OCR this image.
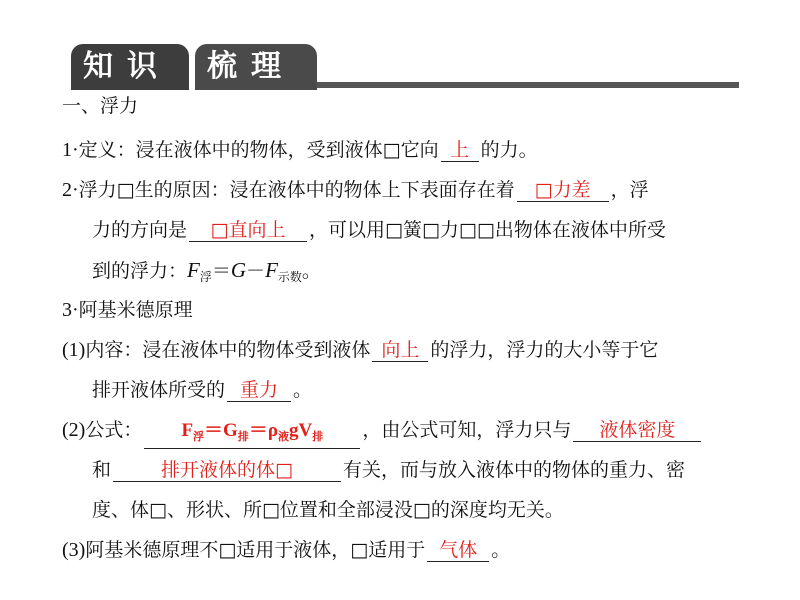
知识	梳理
一、浮力
1·定义：浸在液体中的物体，受到液体□它向 上 的力。
2·浮力□生的原因：浸在液体中的物体上下表面存在着 □力差 ，浮
力的方向是 □直向上 ，可以用□簧□力□□出物体在液体中所受
到的浮力：$F_浮=G-F_{示数}$。
3·阿基米德原理
(1)内容：浸在液体中的物体受到液体 向上 的浮力，浮力的大小等于它
排开液体所受的 重力 。
(2)公式： $F_浮=G_排=\rho_液gV_排$ ，由公式可知，浮力只与 液体密度
和	排开液体的体□	有关，而与放入液体中的物体的重力、密
度、体□、形状、所□位置和全部浸没□的深度均无关。
(3)阿基米德原理不□适用于液体，□适用于 气体 。
